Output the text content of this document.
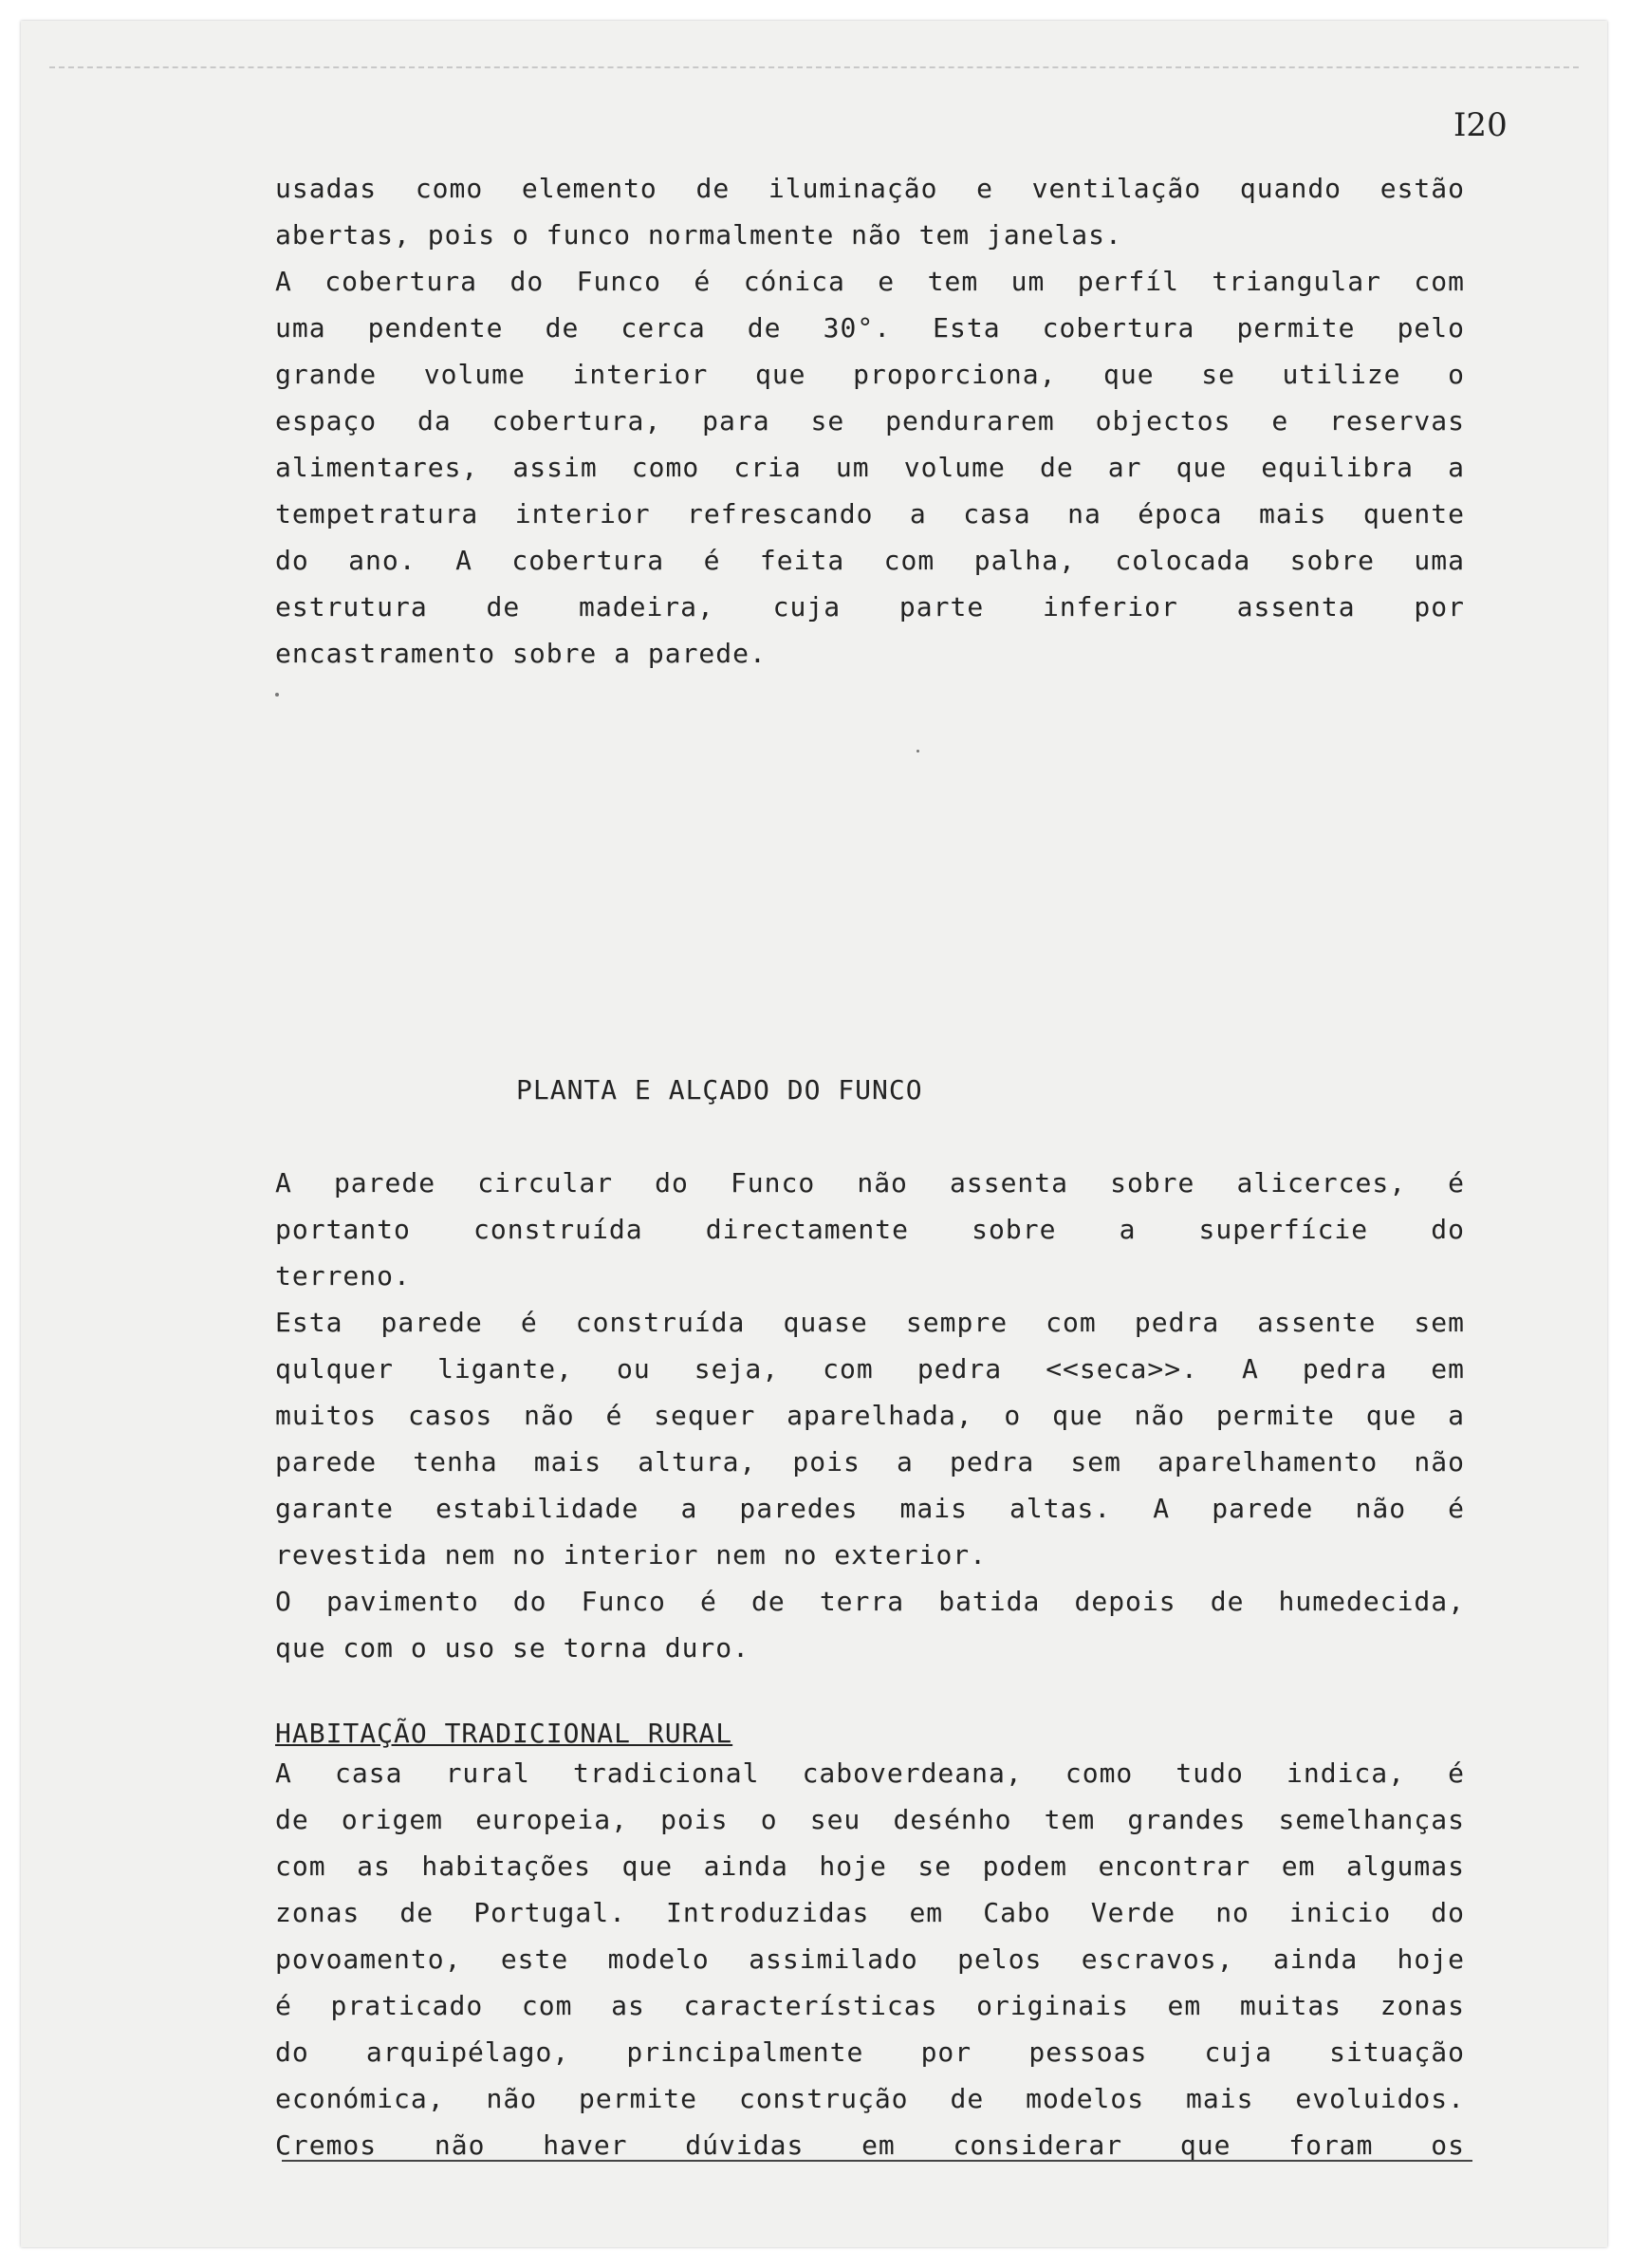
I20
usadas como elemento de iluminação e ventilação quando estão
abertas, pois o funco normalmente não tem janelas.
A cobertura do Funco é cónica e tem um perfíl triangular com
uma pendente de cerca de 30°. Esta cobertura permite pelo
grande volume interior que proporciona, que se utilize o
espaço da cobertura, para se pendurarem objectos e reservas
alimentares, assim como cria um volume de ar que equilibra a
tempetratura interior refrescando a casa na época mais quente
do ano. A cobertura é feita com palha, colocada sobre uma
estrutura de madeira, cuja parte inferior assenta por
encastramento sobre a parede.
PLANTA E ALÇADO DO FUNCO
A parede circular do Funco não assenta sobre alicerces, é
portanto construída directamente sobre a superfície do
terreno.
Esta parede é construída quase sempre com pedra assente sem
qulquer ligante, ou seja, com pedra <<seca>>. A pedra em
muitos casos não é sequer aparelhada, o que não permite que a
parede tenha mais altura, pois a pedra sem aparelhamento não
garante estabilidade a paredes mais altas. A parede não é
revestida nem no interior nem no exterior.
O pavimento do Funco é de terra batida depois de humedecida,
que com o uso se torna duro.
HABITAÇÃO TRADICIONAL RURAL
A casa rural tradicional caboverdeana, como tudo indica, é
de origem europeia, pois o seu desénho tem grandes semelhanças
com as habitações que ainda hoje se podem encontrar em algumas
zonas de Portugal. Introduzidas em Cabo Verde no inicio do
povoamento, este modelo assimilado pelos escravos, ainda hoje
é praticado com as características originais em muitas zonas
do arquipélago, principalmente por pessoas cuja situação
económica, não permite construção de modelos mais evoluidos.
Cremos não haver dúvidas em considerar que foram os
